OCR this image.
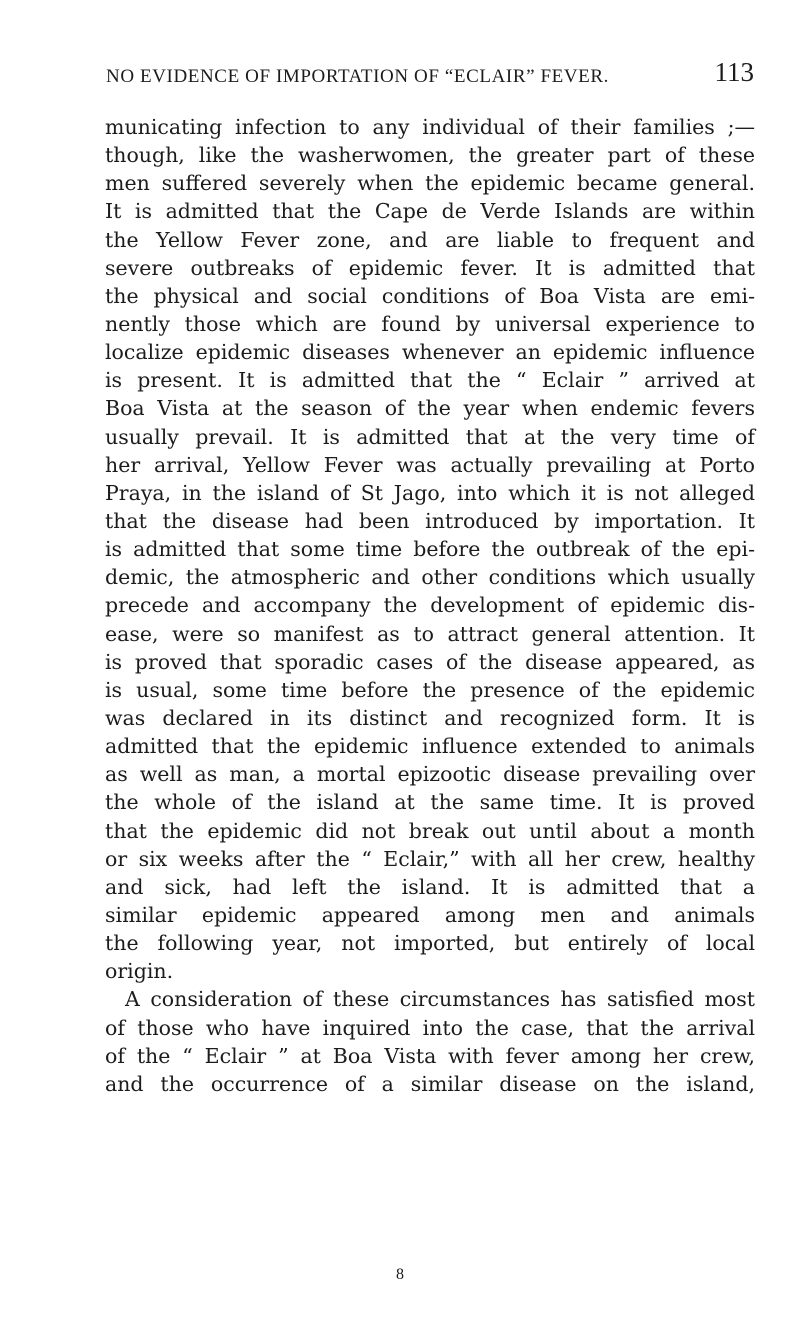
NO EVIDENCE OF IMPORTATION OF “ECLAIR” FEVER.	113
municating infection to any individual of their families ;—
though, like the washerwomen, the greater part of these
men suffered severely when the epidemic became general.
It is admitted that the Cape de Verde Islands are within
the Yellow Fever zone, and are liable to frequent and
severe outbreaks of epidemic fever. It is admitted that
the physical and social conditions of Boa Vista are emi-
nently those which are found by universal experience to
localize epidemic diseases whenever an epidemic influence
is present. It is admitted that the “ Eclair ” arrived at
Boa Vista at the season of the year when endemic fevers
usually prevail. It is admitted that at the very time of
her arrival, Yellow Fever was actually prevailing at Porto
Praya, in the island of St Jago, into which it is not alleged
that the disease had been introduced by importation. It
is admitted that some time before the outbreak of the epi-
demic, the atmospheric and other conditions which usually
precede and accompany the development of epidemic dis-
ease, were so manifest as to attract general attention. It
is proved that sporadic cases of the disease appeared, as
is usual, some time before the presence of the epidemic
was declared in its distinct and recognized form. It is
admitted that the epidemic influence extended to animals
as well as man, a mortal epizootic disease prevailing over
the whole of the island at the same time. It is proved
that the epidemic did not break out until about a month
or six weeks after the “ Eclair,” with all her crew, healthy
and sick, had left the island. It is admitted that a
similar epidemic appeared among men and animals
the following year, not imported, but entirely of local
origin.
A consideration of these circumstances has satisfied most
of those who have inquired into the case, that the arrival
of the “ Eclair ” at Boa Vista with fever among her crew,
and the occurrence of a similar disease on the island,
8
